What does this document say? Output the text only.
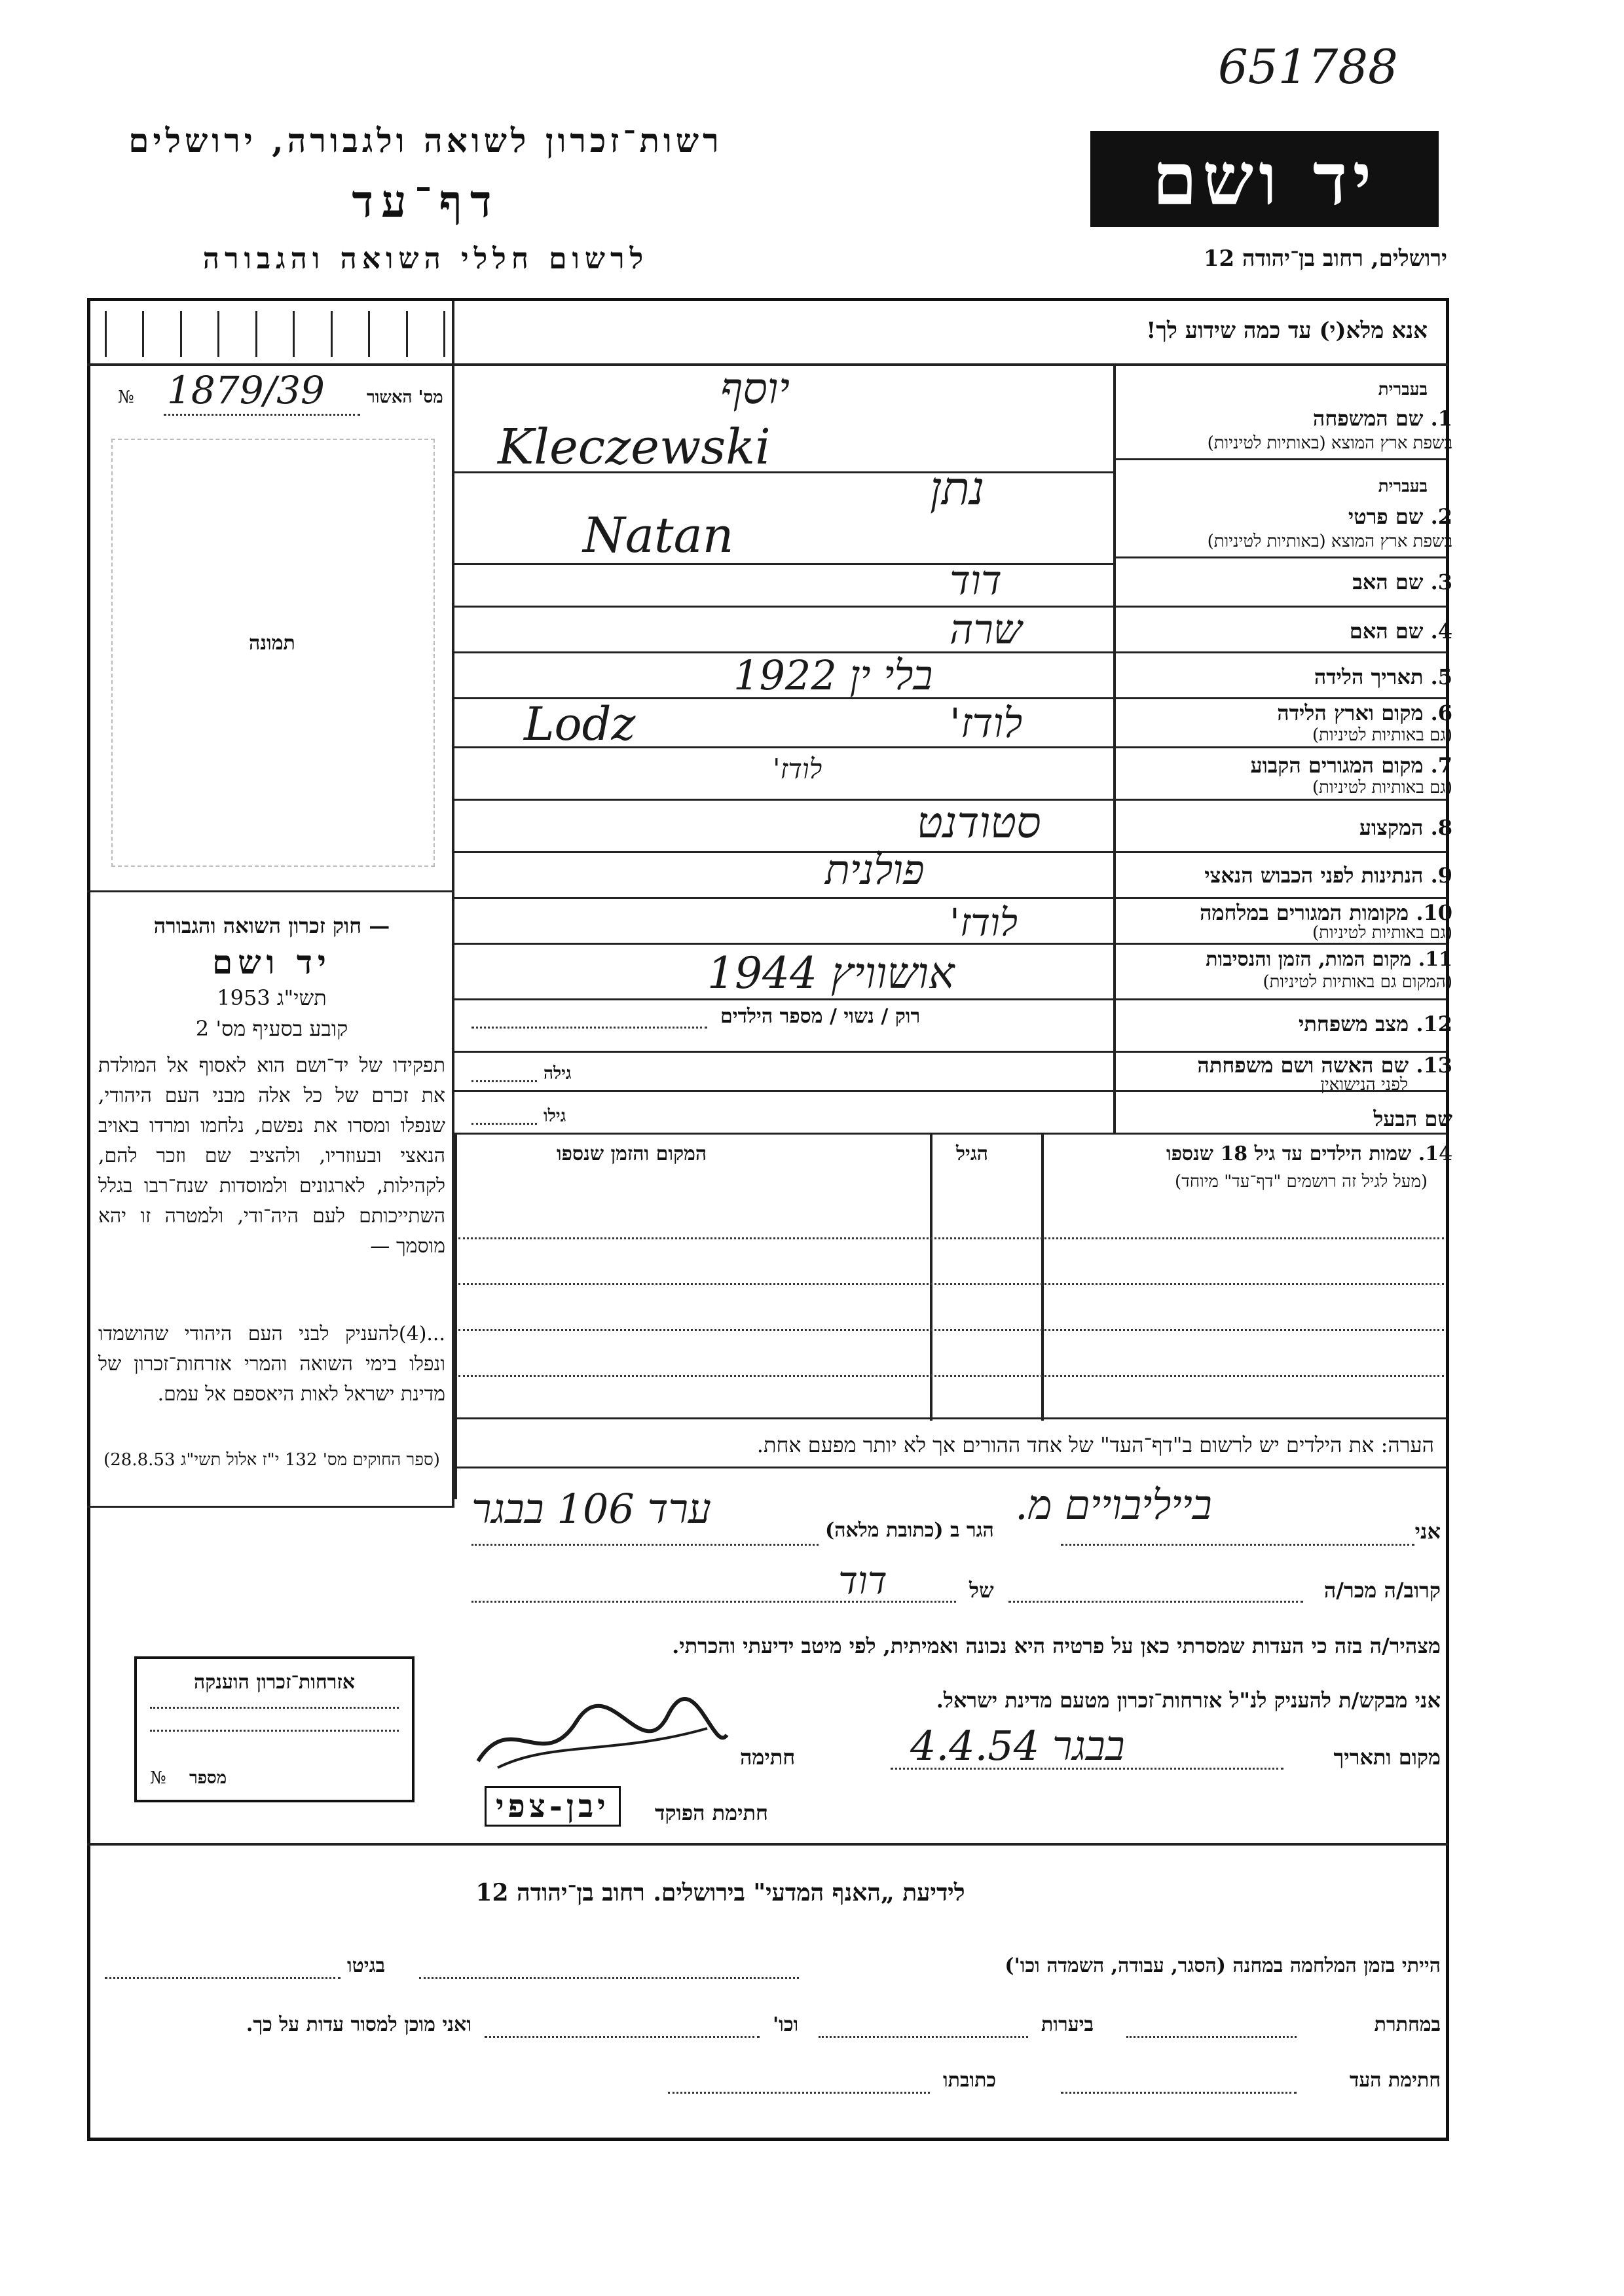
651788
רשות־זכרון לשואה ולגבורה, ירושלים
דף־עד
לרשום חללי השואה והגבורה
יד ושם
ירושלים, רחוב בן־יהודה 12
אנא מלא(י) עד כמה שידוע לך!
№ 1879/39 מס' האשור
תמונה
בעברית
1. שם המשפחה
בשפת ארץ המוצא (באותיות לטיניות)
יוסף
Kleczewski
בעברית
2. שם פרטי
בשפת ארץ המוצא (באותיות לטיניות)
נתן
Natan
3. שם האב
דוד
4. שם האם
שרה
5. תאריך הלידה
בלי ין 1922
6. מקום וארץ הלידה
(גם באותיות לטיניות)
Lodz	לודז'
7. מקום המגורים הקבוע
(גם באותיות לטיניות)
לודז'
8. המקצוע
סטודנט
9. הנתינות לפני הכבוש הנאצי
פולנית
10. מקומות המגורים במלחמה
(גם באותיות לטיניות)
לודז'
11. מקום המות, הזמן והנסיבות
(המקום גם באותיות לטיניות)
אושוויץ 1944
12. מצב משפחתי
רוק / נשוי / מספר הילדים
13. שם האשה ושם משפחתה
לפני הנישואין
גילה
שם הבעל
גילו
14. שמות הילדים עד גיל 18 שנספו
(מעל לגיל זה רושמים "דף־עד" מיוחד)
הגיל
המקום והזמן שנספו
— חוק זכרון השואה והגבורה
יד ושם
תשי"ג 1953
קובע בסעיף מס' 2
תפקידו של יד־ושם הוא לאסוף אל המולדת את זכרם של כל אלה מבני העם היהודי, שנפלו ומסרו את נפשם, נלחמו ומרדו באויב הנאצי ובעוזריו, ולהציב שם וזכר להם, לקהילות, לארגונים ולמוסדות שנח־רבו בגלל השתייכותם לעם היה־ודי, ולמטרה זו יהא מוסמך —
...(4)להעניק לבני העם היהודי שהושמדו ונפלו בימי השואה והמרי אזרחות־זכרון של מדינת ישראל לאות היאספם אל עמם.
(ספר החוקים מס' 132 י"ז אלול תשי"ג 28.8.53)
הערה: את הילדים יש לרשום ב"דף־העד" של אחד ההורים אך לא יותר מפעם אחת.
אני
בייליבויים מ.
הגר ב (כתובת מלאה)
ערד 106 בבגר
קרוב/ה מכר/ה
של
דוד
מצהיר/ה בזה כי העדות שמסרתי כאן על פרטיה היא נכונה ואמיתית, לפי מיטב ידיעתי והכרתי.
אני מבקש/ת להעניק לנ"ל אזרחות־זכרון מטעם מדינת ישראל.
מקום ותאריך
בבגר 4.4.54
חתימה
חתימת הפוקד
יבן-צפי
אזרחות־זכרון הוענקה
№ מספר
לידיעת „האנף המדעי" בירושלים. רחוב בן־יהודה 12
הייתי בזמן המלחמה במחנה (הסגר, עבודה, השמדה וכו')
בגיטו
במחתרת
ביערות
וכו'
ואני מוכן למסור עדות על כך.
חתימת העד
כתובתו
